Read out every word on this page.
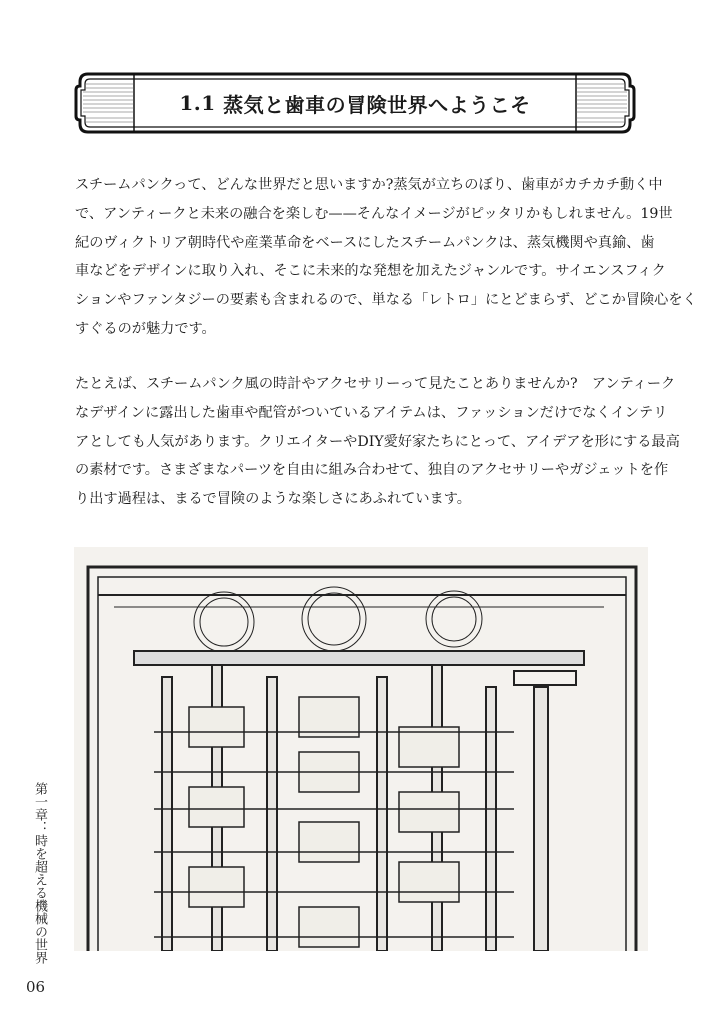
1.1
蒸気と歯車の冒険世界へようこそ
スチームパンクって、どんな世界だと思いますか?蒸気が立ちのぼり、歯車がカチカチ動く中
で、アンティークと未来の融合を楽しむ——そんなイメージがピッタリかもしれません。19世
紀のヴィクトリア朝時代や産業革命をベースにしたスチームパンクは、蒸気機関や真鍮、歯
車などをデザインに取り入れ、そこに未来的な発想を加えたジャンルです。サイエンスフィク
ションやファンタジーの要素も含まれるので、単なる「レトロ」にとどまらず、どこか冒険心をく
すぐるのが魅力です。
たとえば、スチームパンク風の時計やアクセサリーって見たことありませんか?　アンティーク
なデザインに露出した歯車や配管がついているアイテムは、ファッションだけでなくインテリ
アとしても人気があります。クリエイターやDIY愛好家たちにとって、アイデアを形にする最高
の素材です。さまざまなパーツを自由に組み合わせて、独自のアクセサリーやガジェットを作
り出す過程は、まるで冒険のような楽しさにあふれています。
第一章：時を超える機械の世界
06
